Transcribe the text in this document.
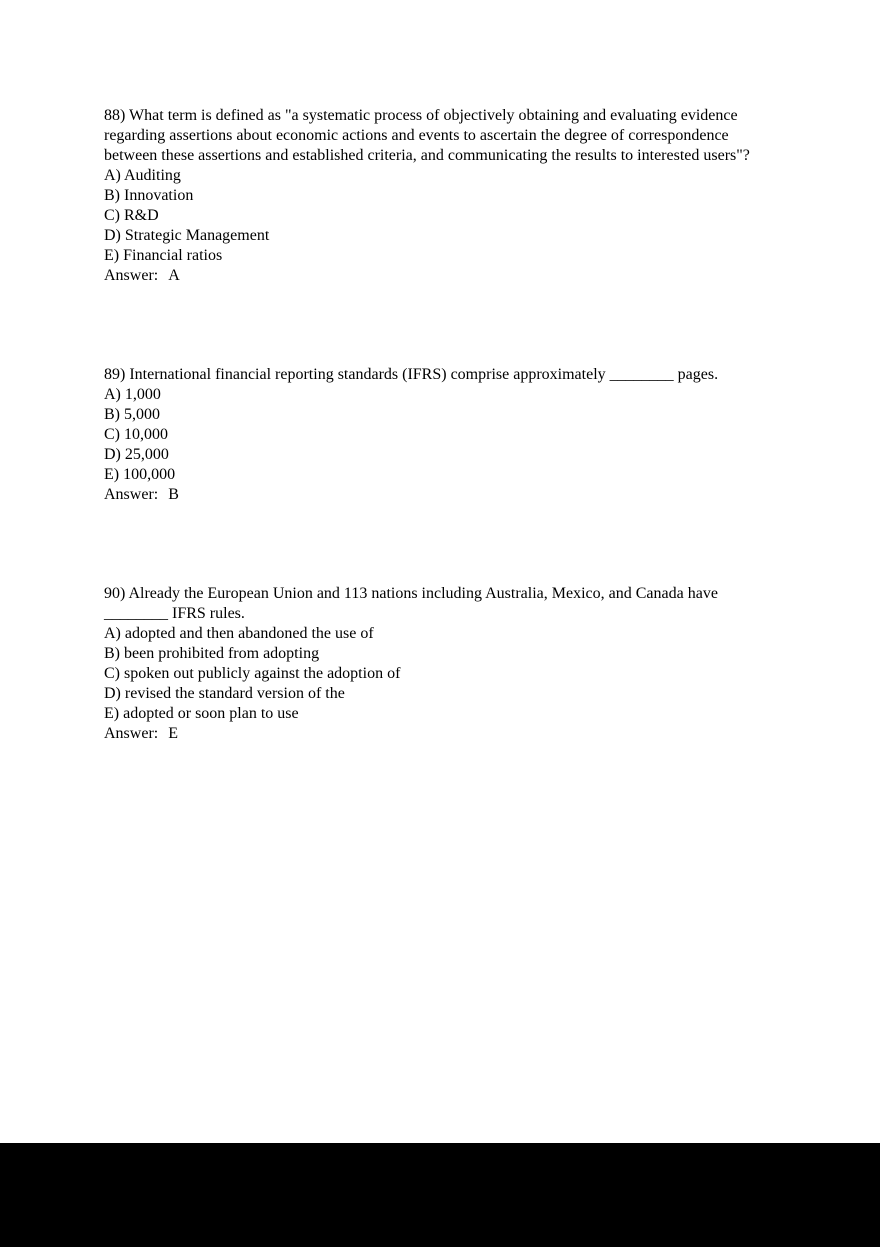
88) What term is defined as "a systematic process of objectively obtaining and evaluating evidence regarding assertions about economic actions and events to ascertain the degree of correspondence between these assertions and established criteria, and communicating the results to interested users"?
A) Auditing
B) Innovation
C) R&D
D) Strategic Management
E) Financial ratios
Answer: A
89) International financial reporting standards (IFRS) comprise approximately ________ pages.
A) 1,000
B) 5,000
C) 10,000
D) 25,000
E) 100,000
Answer: B
90) Already the European Union and 113 nations including Australia, Mexico, and Canada have ________ IFRS rules.
A) adopted and then abandoned the use of
B) been prohibited from adopting
C) spoken out publicly against the adoption of
D) revised the standard version of the
E) adopted or soon plan to use
Answer: E
